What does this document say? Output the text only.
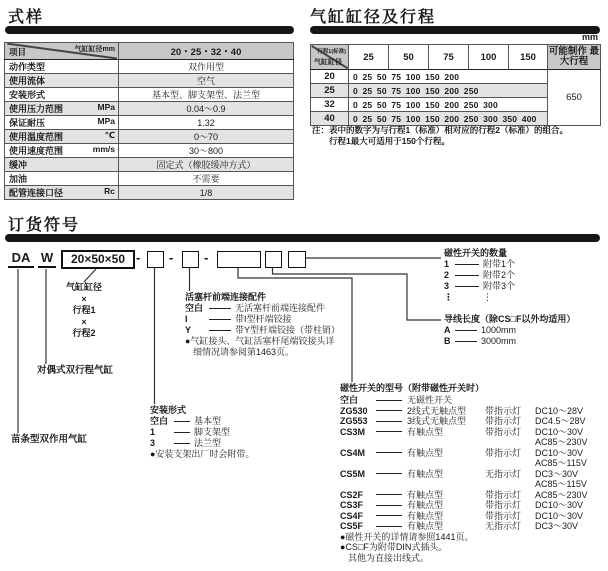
式样
气缸缸径mm
项目	20・25・32・40

动作类型	双作用型

使用流体	空气

安装形式	基本型、脚支架型、法兰型

使用压力范围 MPa	0.04～0.9

保证耐压 MPa	1.32

使用温度范围 ℃	0～70

使用速度范围 mm/s	30～800

缓冲	固定式（橡胶缓冲方式）

加油	不需要

配管连接口径 Rc	1/8
气缸缸径及行程
mm
行程1(标准)
气缸缸径	25	50	75	100	150	可能制作 最大行程
20	0 25 50 75 100 150 200					650
25	0 25 50 75 100 150 200 250					
32	0 25 50 75 100 150 200 250 300					
40	0 25 50 75 100 150 200 250 300 350 400					
注：表中的数字为与行程1（标准）相对应的行程2（标准）的组合。
行程1最大可适用于150个行程。
订货符号
DA W	20×50×50 - - -
气缸缸径
×
行程1
×
行程2
对偶式双行程气缸
苗条型双作用气缸
安装形式
空白	基本型
1	脚支架型
3	法兰型
●安装支架出厂时会附带。
活塞杆前端连接配件
空白	无活塞杆前端连接配件
I	带I型杆端铰接
Y	带Y型杆端铰接（带柱销）
●气缸接头、气缸活塞杆尾端铰接头详
细情况请参阅第1463页。
磁性开关的数量
1	附带1个
2	附带2个
3	附带3个
⋮	⋮
导线长度（除CS□F以外均适用）
A	1000mm
B	3000mm
磁性开关的型号（附带磁性开关时）
空白	无磁性开关
ZG530	2线式无触点型	带指示灯	DC10～28V
ZG553	3线式无触点型	带指示灯	DC4.5～28V
CS3M	有触点型	带指示灯	DC10～30V
AC85～230V
CS4M	有触点型	带指示灯	DC10～30V
AC85～115V
CS5M	有触点型	无指示灯	DC3～30V
AC85～115V
CS2F	有触点型	带指示灯	AC85～230V
CS3F	有触点型	带指示灯	DC10～30V
CS4F	有触点型	带指示灯	DC10～30V
CS5F	有触点型	无指示灯	DC3～30V
●磁性开关的详情请参照1441页。
●CS□F为附带DIN式插头。
其他为直接出线式。
